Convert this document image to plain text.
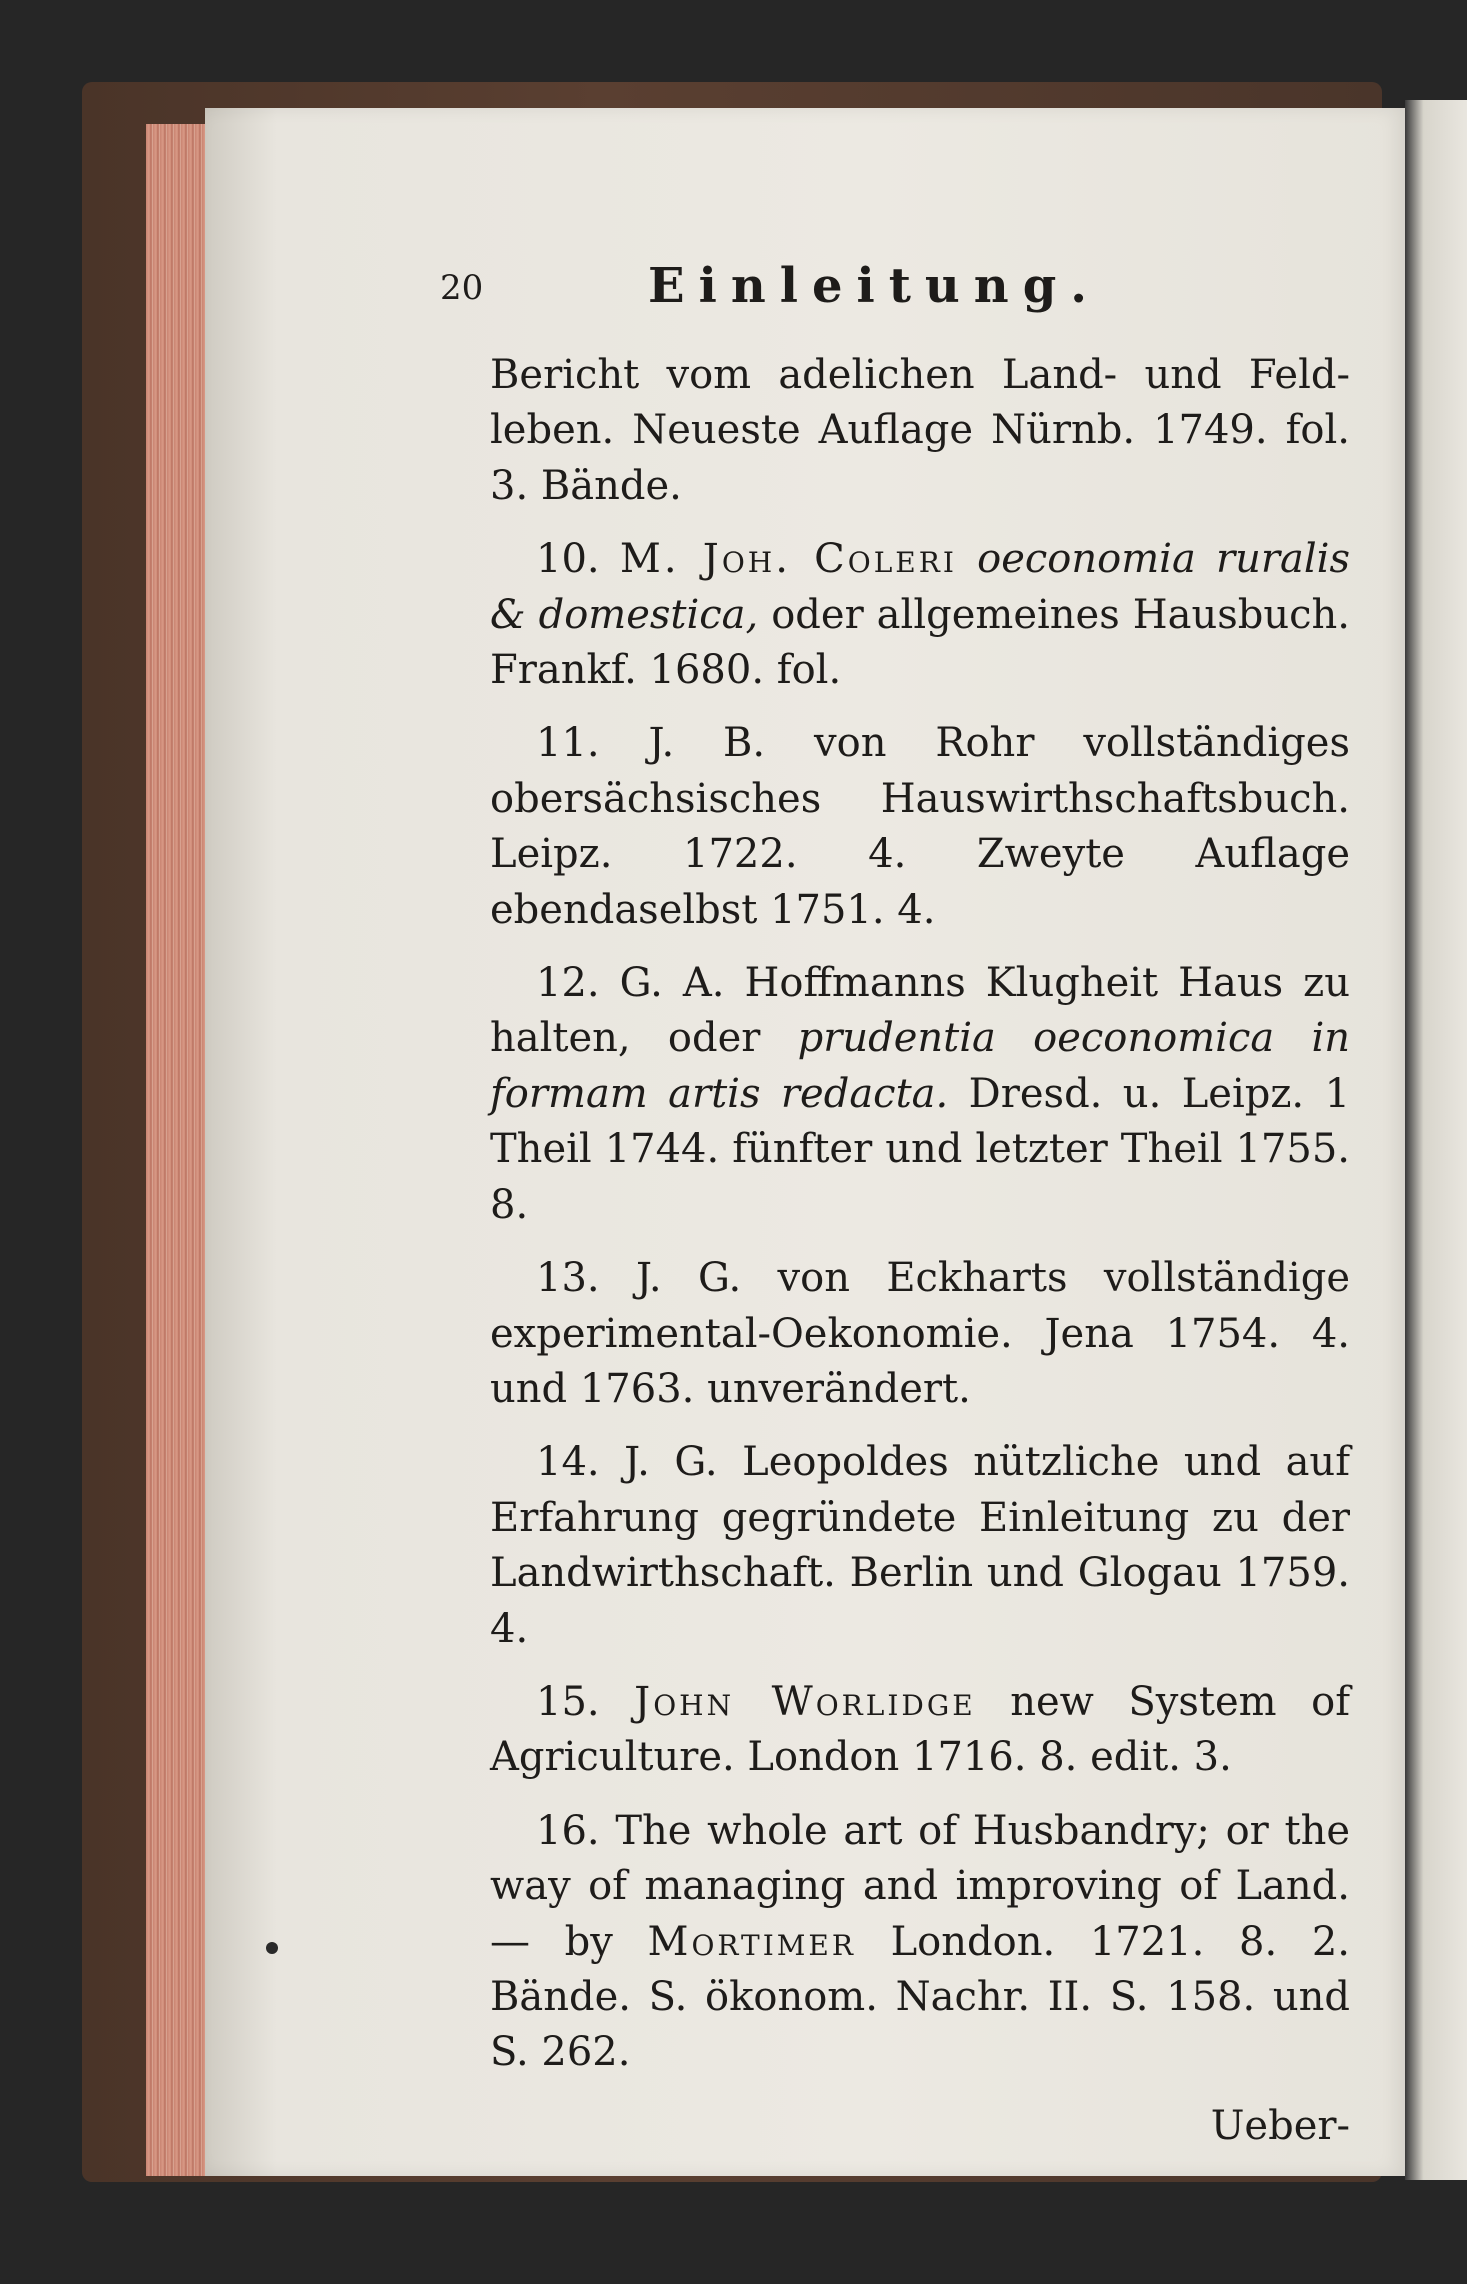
20	Einleitung.

Bericht vom adelichen Land- und Feld- leben. Neueste Auflage Nürnb. 1749. fol. 3. Bände.

10. M. Joh. Coleri oeconomia ruralis & domestica, oder allgemeines Hausbuch. Frankf. 1680. fol.

11. J. B. von Rohr vollständiges obersächsisches Hauswirthschaftsbuch. Leipz. 1722. 4. Zweyte Auflage ebendaselbst 1751. 4.

12. G. A. Hoffmanns Klugheit Haus zu halten, oder prudentia oeconomica in formam artis redacta. Dresd. u. Leipz. 1 Theil 1744. fünfter und letzter Theil 1755. 8.

13. J. G. von Eckharts vollständige experimental-Oekonomie. Jena 1754. 4. und 1763. unverändert.

14. J. G. Leopoldes nützliche und auf Erfahrung gegründete Einleitung zu der Landwirthschaft. Berlin und Glogau 1759. 4.

15. John Worlidge new System of Agriculture. London 1716. 8. edit. 3.

16. The whole art of Husbandry; or the way of managing and improving of Land. — by Mortimer London. 1721. 8. 2. Bände. S. ökonom. Nachr. II. S. 158. und S. 262.

Ueber-
